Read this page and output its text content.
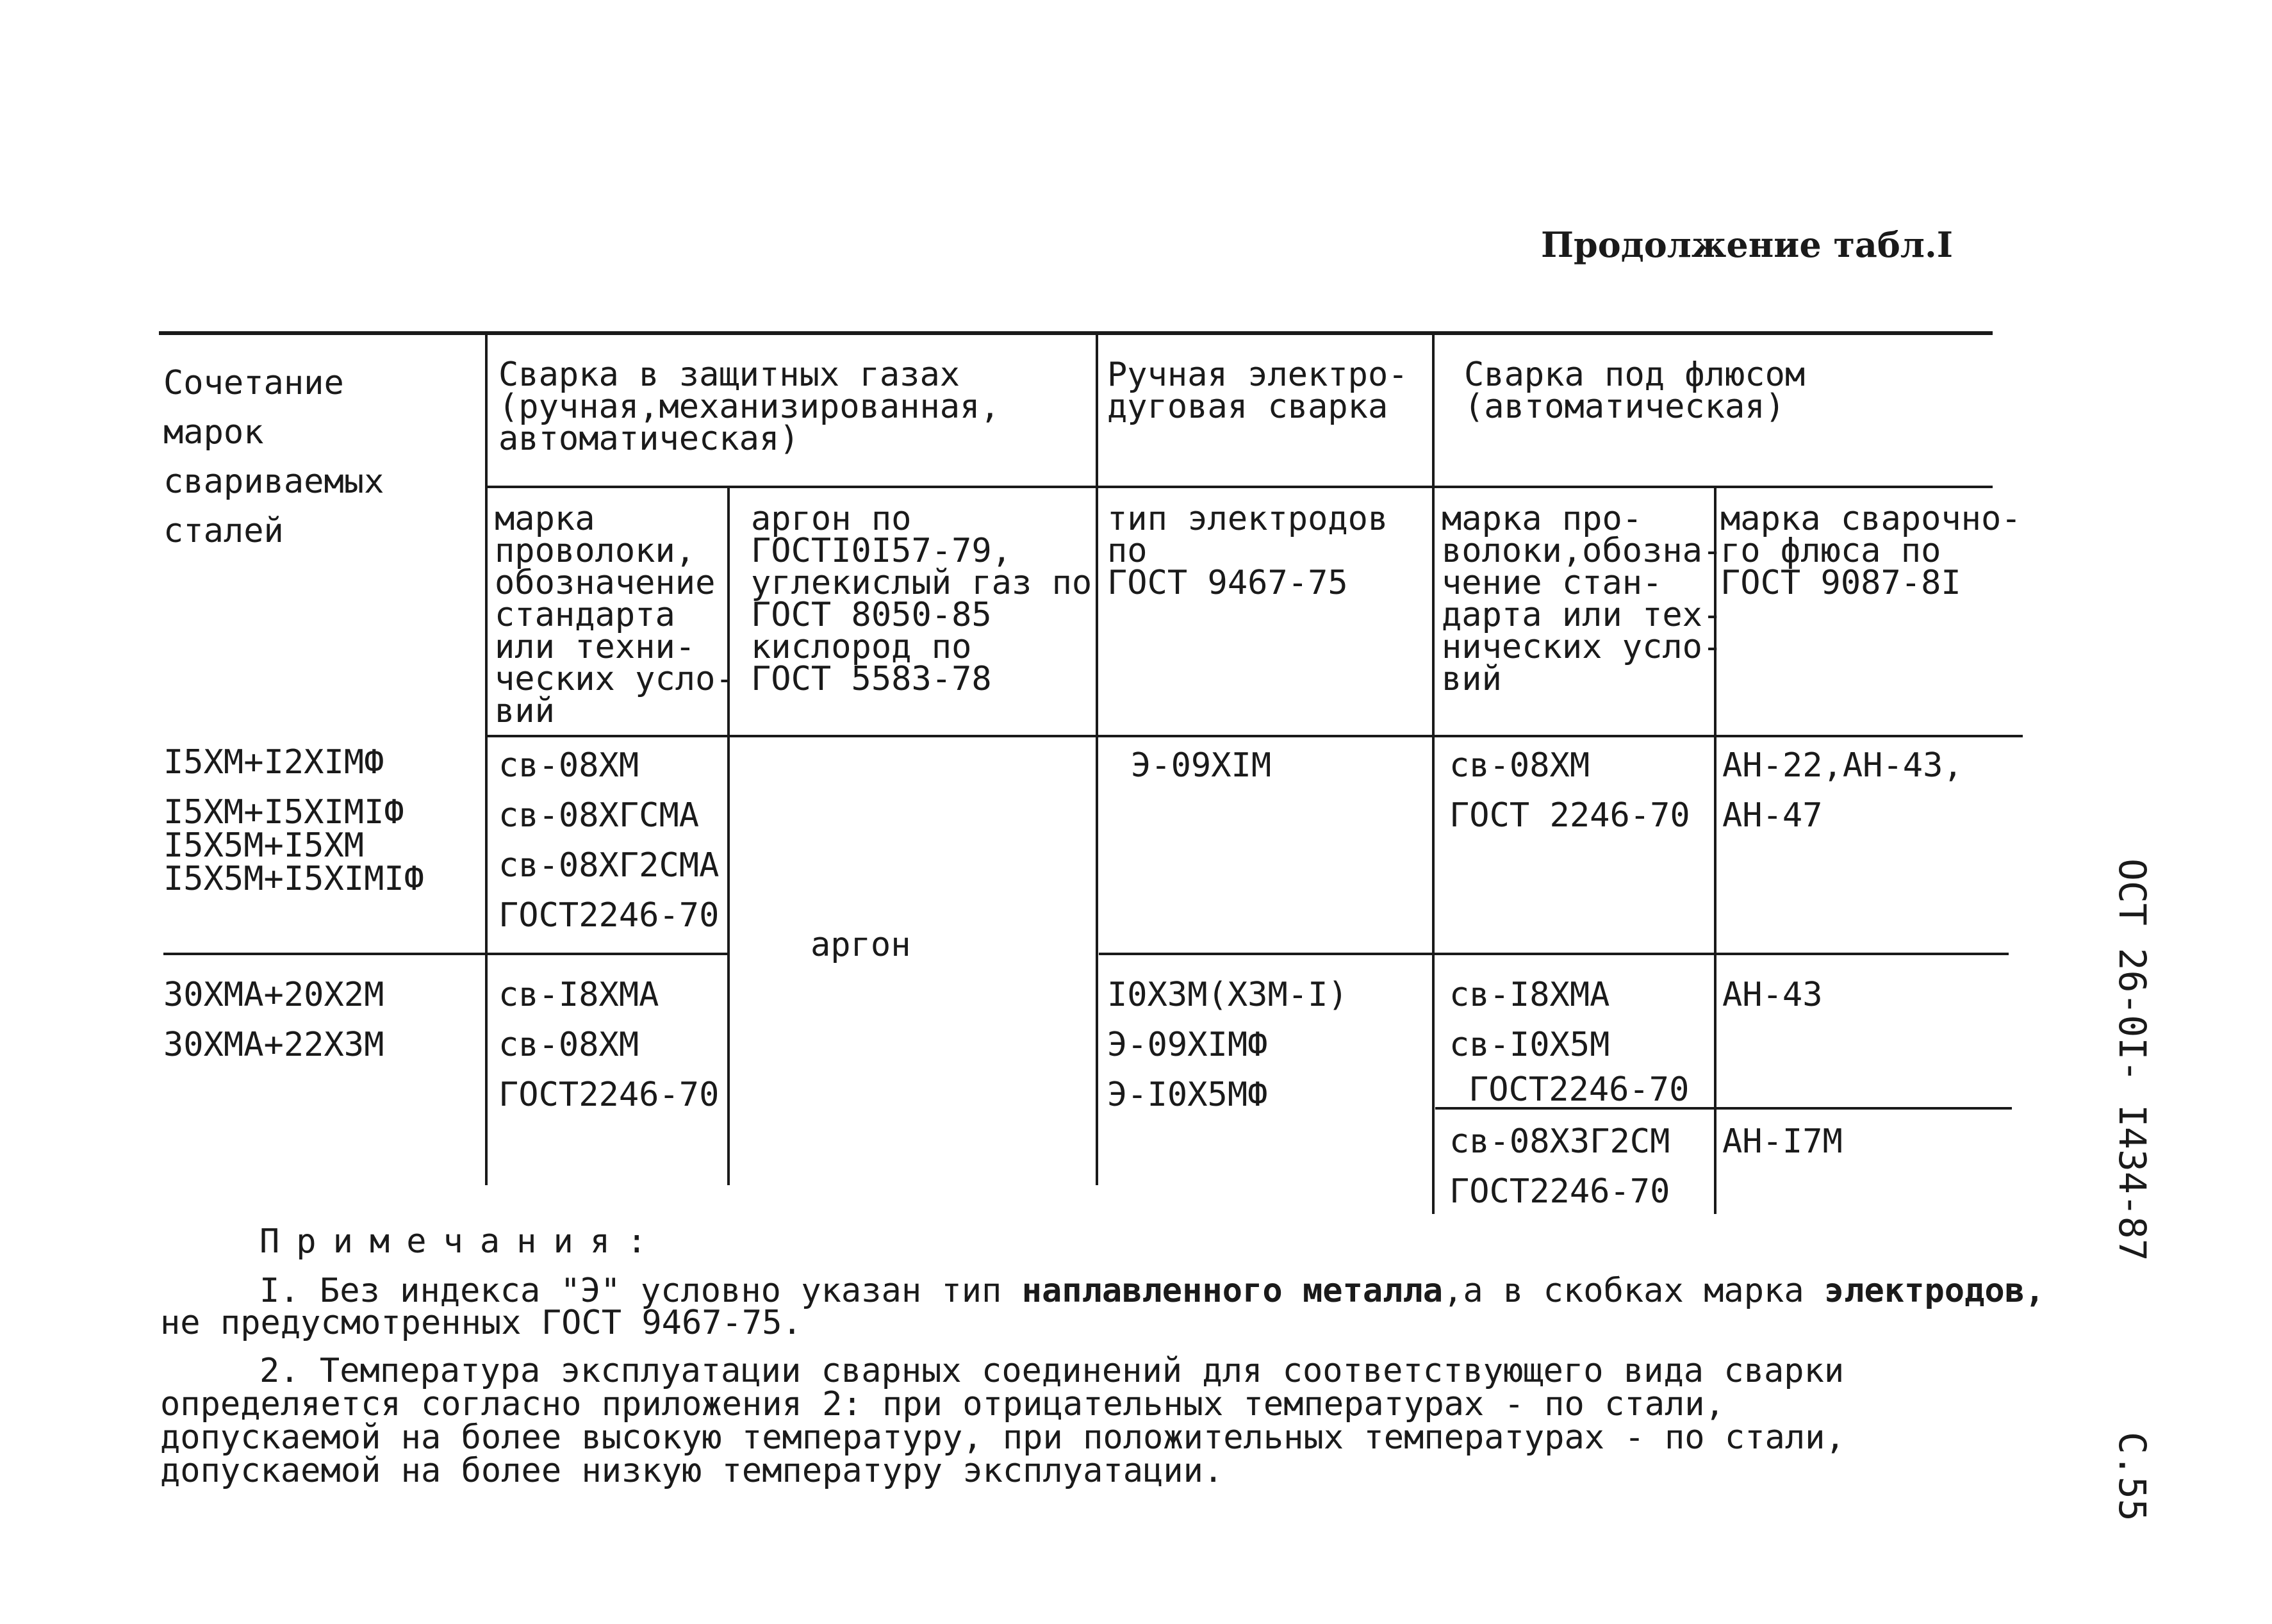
Продолжение табл.I
Сочетание
марок
свариваемых
сталей
Сварка в защитных газах
(ручная,механизированная,
автоматическая)
Ручная электро-
дуговая сварка
Сварка под флюсом
(автоматическая)
марка
проволоки,
обозначение
стандарта
или техни-
ческих усло-
вий
аргон по
ГОСТI0I57-79,
углекислый газ по
ГОСТ 8050-85
кислород по
ГОСТ 5583-78
тип электродов
по
ГОСТ 9467-75
марка про-
волоки,обозна-
чение стан-
дарта или тех-
нических усло-
вий
марка сварочно-
го флюса по
ГОСТ 9087-8I
I5ХМ+I2ХIМФ
I5ХМ+I5ХIМIФ
I5Х5М+I5ХМ
I5Х5М+I5ХIМIФ
св-08ХМ
св-08ХГСМА
св-08ХГ2СМА
ГОСТ2246-70
Э-09ХIМ	св-08ХМ
ГОСТ 2246-70
АН-22,АН-43,
АН-47
аргон
30ХМА+20Х2М
30ХМА+22Х3М
св-I8ХМА
св-08ХМ
ГОСТ2246-70
I0Х3М(Х3М-I)
Э-09ХIМФ
Э-I0Х5МФ
св-I8ХМА
св-I0Х5М
ГОСТ2246-70
АН-43
св-08Х3Г2СМ
ГОСТ2246-70
АН-I7М
Примечания:
I. Без индекса "Э" условно указан тип наплавленного металла,а в скобках марка электродов,
не предусмотренных ГОСТ 9467-75.
2. Температура эксплуатации сварных соединений для соответствующего вида сварки
определяется согласно приложения 2: при отрицательных температурах - по стали,
допускаемой на более высокую температуру, при положительных температурах - по стали,
допускаемой на более низкую температуру эксплуатации.
ОСТ 26-0I- I434-87
С.55
